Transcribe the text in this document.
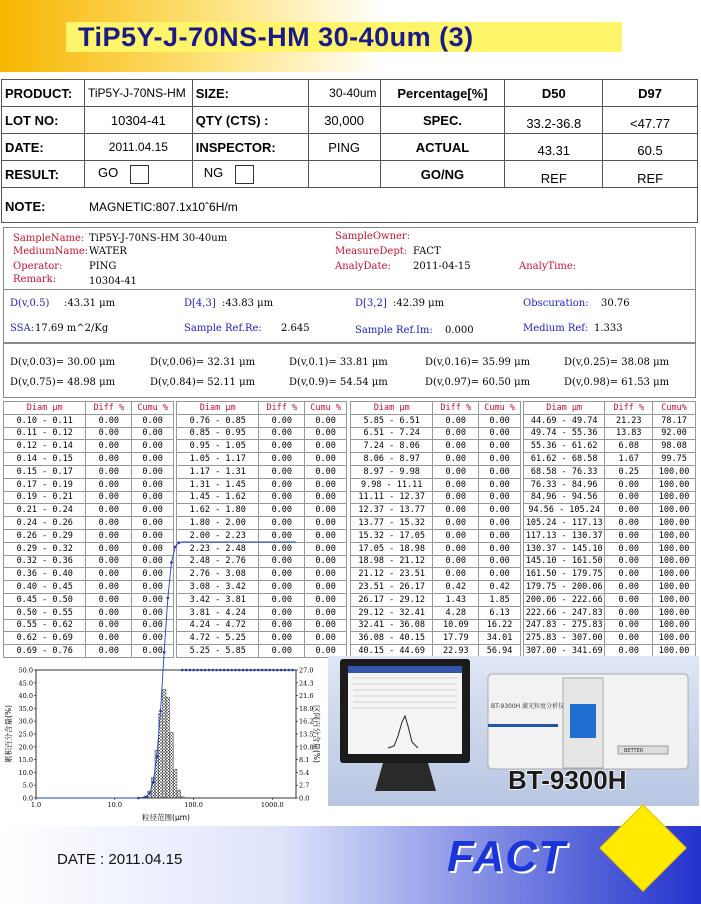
TiP5Y-J-70NS-HM 30-40um (3)
PRODUCT:	TiP5Y-J-70NS-HM	SIZE:	30-40um	Percentage[%]	D50	D97
LOT NO:	10304-41	QTY (CTS) :	30,000	SPEC.	33.2-36.8	<47.77
DATE:	2011.04.15	INSPECTOR:	PING	ACTUAL	43.31	60.5
RESULT:	GO	NG		GO/NG	REF	REF
NOTE:	MAGNETIC:807.1x10ˆ6H/m
SampleName: TiP5Y-J-70NS-HM 30-40um	SampleOwner:
MediumName: WATER	MeasureDept: FACT
Operator:	PING	AnalyDate: 2011-04-15	AnalyTime:
Remark:	10304-41
D(v,0.5) :43.31 μm	D[4,3] :43.83 μm	D[3,2] :42.39 μm	Obscuration: 30.76
SSA: 17.69 m^2/Kg	Sample Ref.Re: 2.645	Sample Ref.Im: 0.000	Medium Ref: 1.333
D(v,0.03)= 30.00 μm	D(v,0.06)= 32.31 μm	D(v,0.1)= 33.81 μm	D(v,0.16)= 35.99 μm	D(v,0.25)= 38.08 μm
D(v,0.75)= 48.98 μm	D(v,0.84)= 52.11 μm	D(v,0.9)= 54.54 μm	D(v,0.97)= 60.50 μm	D(v,0.98)= 61.53 μm
Diam μm	Diff %	Cumu %
0.10 - 0.11	0.00	0.00
0.11 - 0.12	0.00	0.00
0.12 - 0.14	0.00	0.00
0.14 - 0.15	0.00	0.00
0.15 - 0.17	0.00	0.00
0.17 - 0.19	0.00	0.00
0.19 - 0.21	0.00	0.00
0.21 - 0.24	0.00	0.00
0.24 - 0.26	0.00	0.00
0.26 - 0.29	0.00	0.00
0.29 - 0.32	0.00	0.00
0.32 - 0.36	0.00	0.00
0.36 - 0.40	0.00	0.00
0.40 - 0.45	0.00	0.00
0.45 - 0.50	0.00	0.00
0.50 - 0.55	0.00	0.00
0.55 - 0.62	0.00	0.00
0.62 - 0.69	0.00	0.00
0.69 - 0.76	0.00	0.00
Diam μm	Diff %	Cumu %
0.76 - 0.85	0.00	0.00
0.85 - 0.95	0.00	0.00
0.95 - 1.05	0.00	0.00
1.05 - 1.17	0.00	0.00
1.17 - 1.31	0.00	0.00
1.31 - 1.45	0.00	0.00
1.45 - 1.62	0.00	0.00
1.62 - 1.80	0.00	0.00
1.80 - 2.00	0.00	0.00
2.00 - 2.23	0.00	0.00
2.23 - 2.48	0.00	0.00
2.48 - 2.76	0.00	0.00
2.76 - 3.08	0.00	0.00
3.08 - 3.42	0.00	0.00
3.42 - 3.81	0.00	0.00
3.81 - 4.24	0.00	0.00
4.24 - 4.72	0.00	0.00
4.72 - 5.25	0.00	0.00
5.25 - 5.85	0.00	0.00
Diam μm	Diff %	Cumu %
5.85 - 6.51	0.00	0.00
6.51 - 7.24	0.00	0.00
7.24 - 8.06	0.00	0.00
8.06 - 8.97	0.00	0.00
8.97 - 9.98	0.00	0.00
9.98 - 11.11	0.00	0.00
11.11 - 12.37	0.00	0.00
12.37 - 13.77	0.00	0.00
13.77 - 15.32	0.00	0.00
15.32 - 17.05	0.00	0.00
17.05 - 18.98	0.00	0.00
18.98 - 21.12	0.00	0.00
21.12 - 23.51	0.00	0.00
23.51 - 26.17	0.42	0.42
26.17 - 29.12	1.43	1.85
29.12 - 32.41	4.28	6.13
32.41 - 36.08	10.09	16.22
36.08 - 40.15	17.79	34.01
40.15 - 44.69	22.93	56.94
Diam μm	Diff %	Cumu%
44.69 - 49.74	21.23	78.17
49.74 - 55.36	13.83	92.00
55.36 - 61.62	6.08	98.08
61.62 - 68.58	1.67	99.75
68.58 - 76.33	0.25	100.00
76.33 - 84.96	0.00	100.00
84.96 - 94.56	0.00	100.00
94.56 - 105.24	0.00	100.00
105.24 - 117.13	0.00	100.00
117.13 - 130.37	0.00	100.00
130.37 - 145.10	0.00	100.00
145.10 - 161.50	0.00	100.00
161.50 - 179.75	0.00	100.00
179.75 - 200.06	0.00	100.00
200.06 - 222.66	0.00	100.00
222.66 - 247.83	0.00	100.00
247.83 - 275.83	0.00	100.00
275.83 - 307.00	0.00	100.00
307.00 - 341.69	0.00	100.00
0.0
5.0
10.0
15.0
20.0
25.0
30.0
35.0
40.0
45.0
50.0
0.0
2.7
5.4
8.1
10.8
13.5
16.2
18.9
21.6
24.3
27.0
1.0	10.0	100.0	1000.0
粒径范围(μm)
累积百分含量(%)	区间百分含量(%)	BT-9300H 激光粒度分析仪
BETTER
BT-9300H
FACT
DATE : 2011.04.15
